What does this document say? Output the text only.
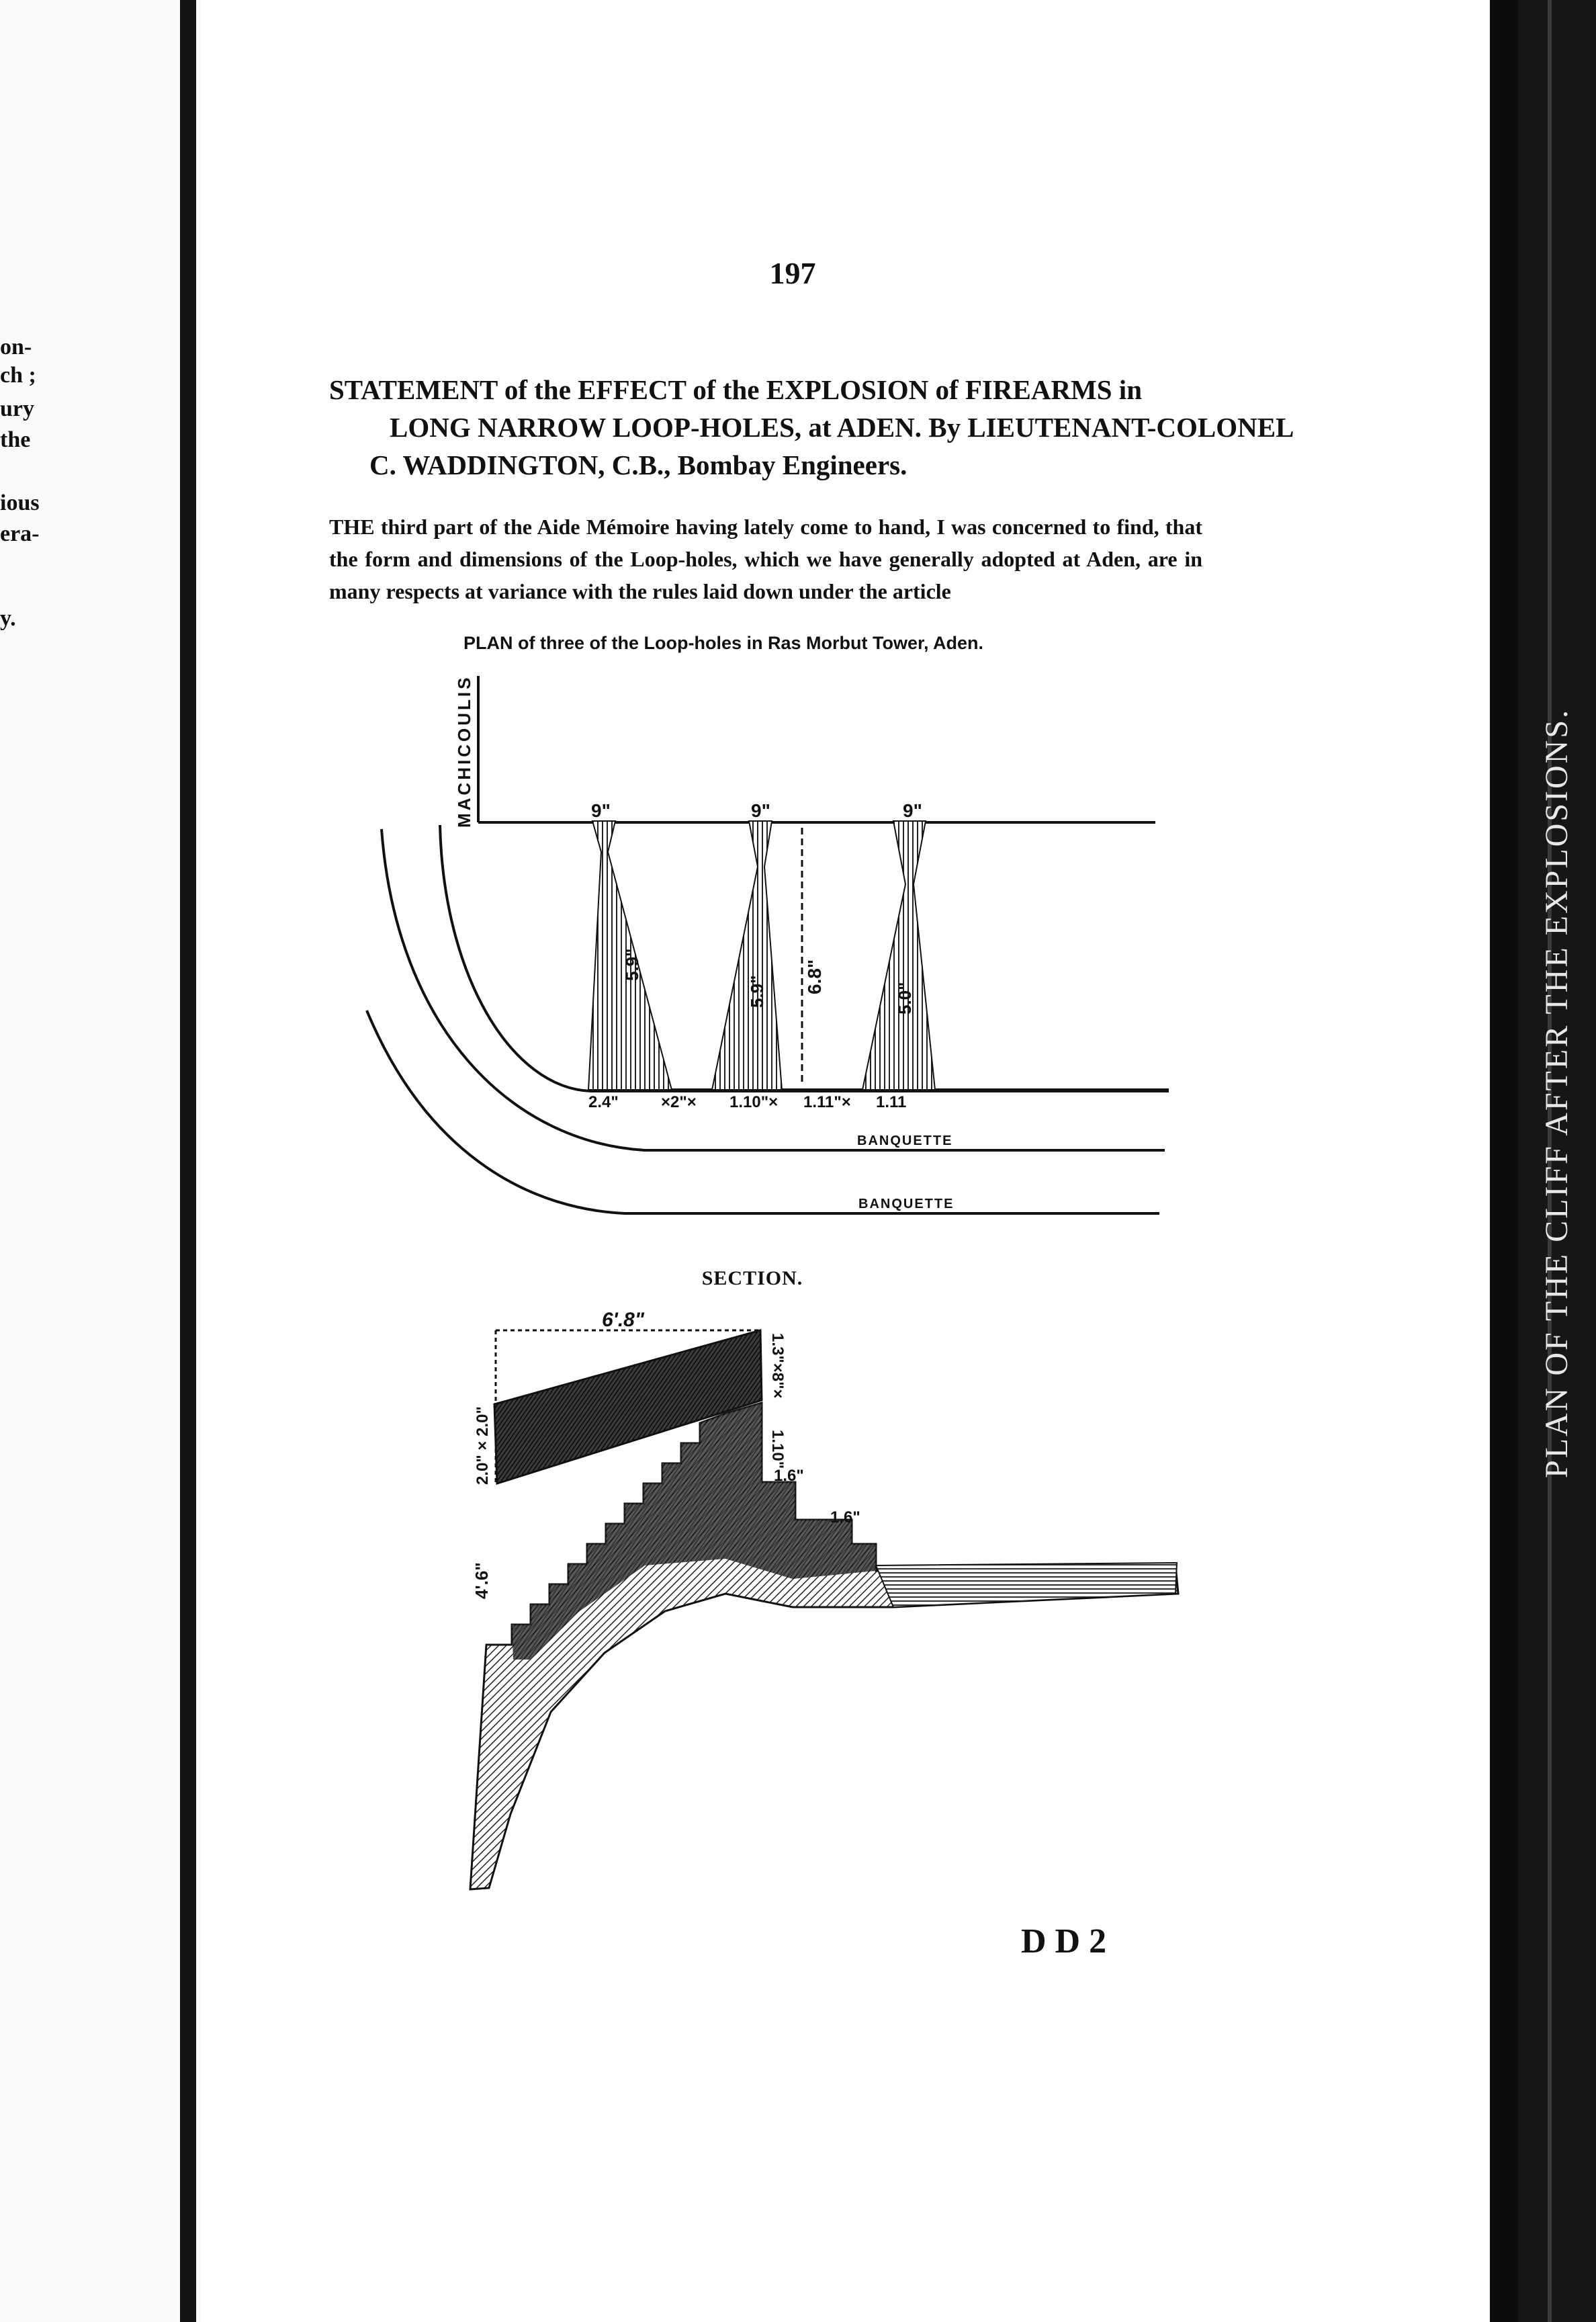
on-
ch ;
ury
the
ious
era-
y.
PLAN OF THE CLIFF AFTER THE EXPLOSIONS.
197
STATEMENT of the EFFECT of the EXPLOSION of FIREARMS in
LONG NARROW LOOP-HOLES, at ADEN. By LIEUTENANT-COLONEL
C. WADDINGTON, C.B., Bombay Engineers.
THE third part of the Aide Mémoire having lately come to hand, I was concerned to find, that the form and dimensions of the Loop-holes, which we have generally adopted at Aden, are in many respects at variance with the rules laid down under the article
PLAN of three of the Loop-holes in Ras Morbut Tower, Aden.
MACHICOULIS	9"	9"	9"
5.9"
5.9"	5.0"
6.8"
2.4"	×2"× 1.10"× 1.11"× 1.11
BANQUETTE
BANQUETTE
6'.8"
2.0" × 2.0"
4'.6"
1.3"×8"×
1.10"
1.6"
1.6"
SECTION.
D D 2
